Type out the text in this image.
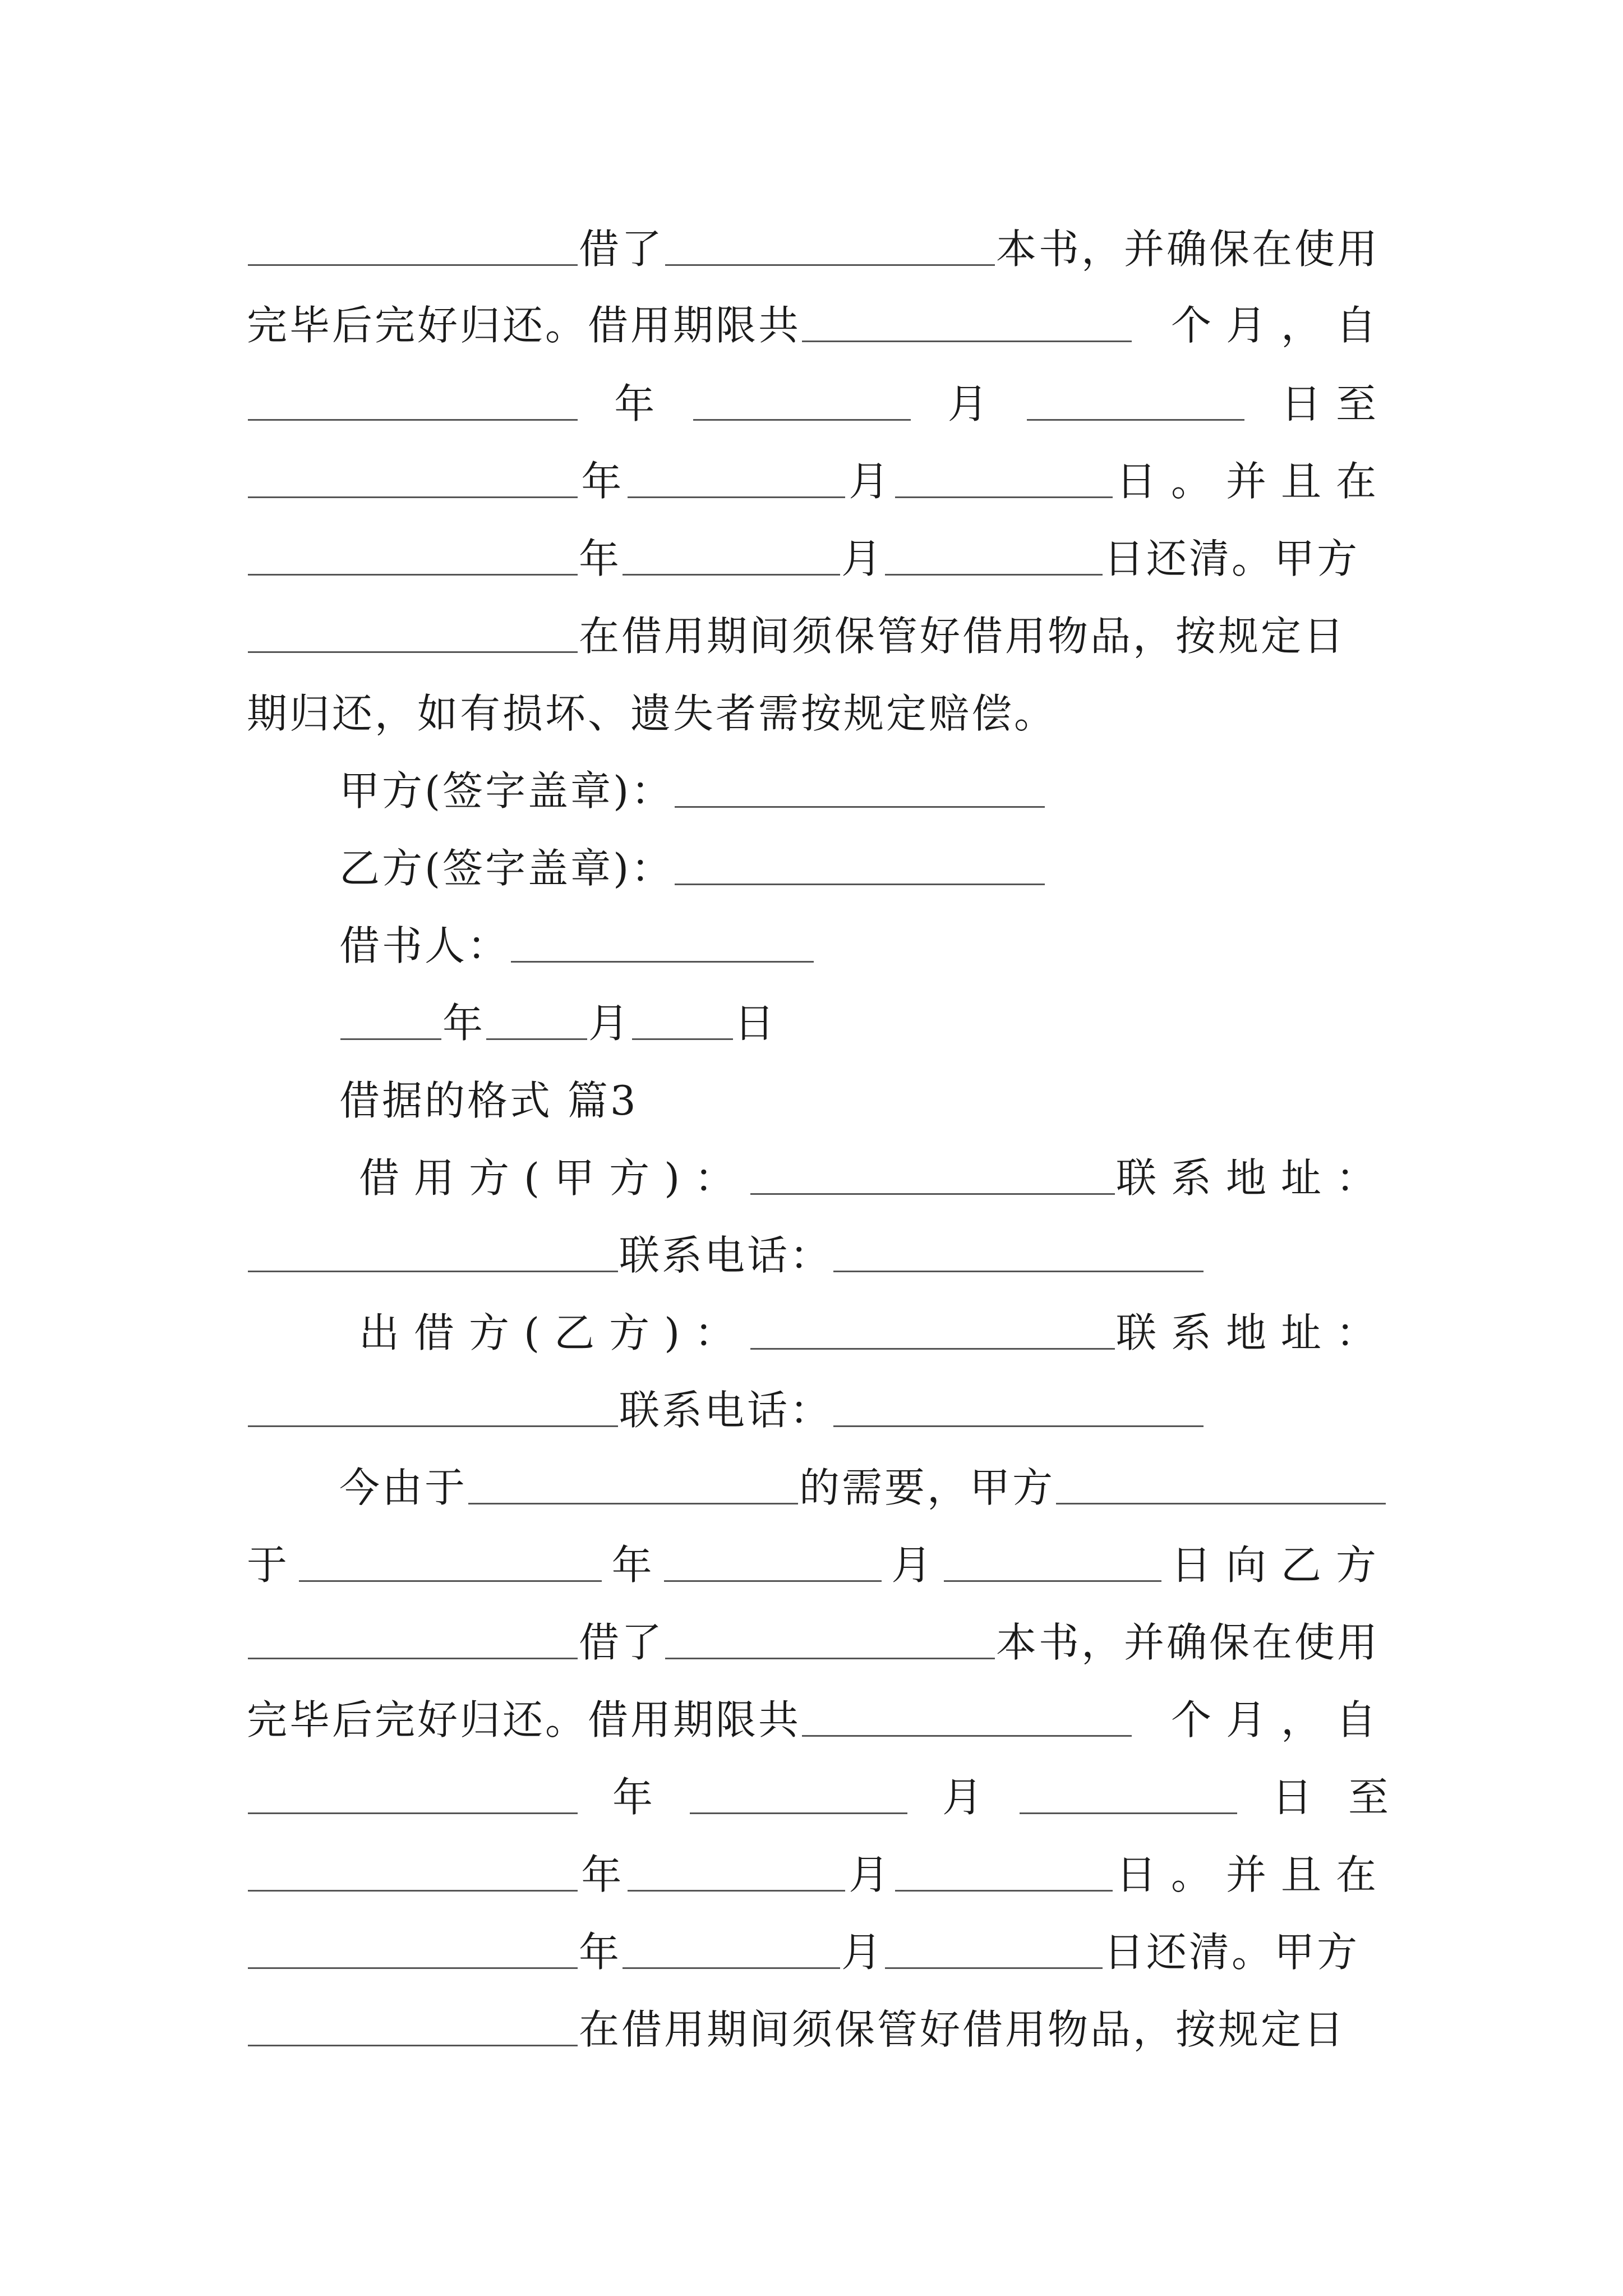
借了	本书，并确保在使用
完毕后完好归还。借用期限共	个月，自
年	月	日至
年	月	日。并且在
年	月	日还清。甲方
在借用期间须保管好借用物品，按规定日
期归还，如有损坏、遗失者需按规定赔偿。
甲方(签字盖章)：
乙方(签字盖章)：
借书人：
年	月	日
借据的格式 篇3
借用方(甲方)：	联系地址：
联系电话：
出借方(乙方)：	联系地址：
联系电话：
今由于	的需要，甲方
于	年	月	日向乙方
借了	本书，并确保在使用
完毕后完好归还。借用期限共	个月，自
年	月	日 至
年	月	日。并且在
年	月	日还清。甲方
在借用期间须保管好借用物品，按规定日
